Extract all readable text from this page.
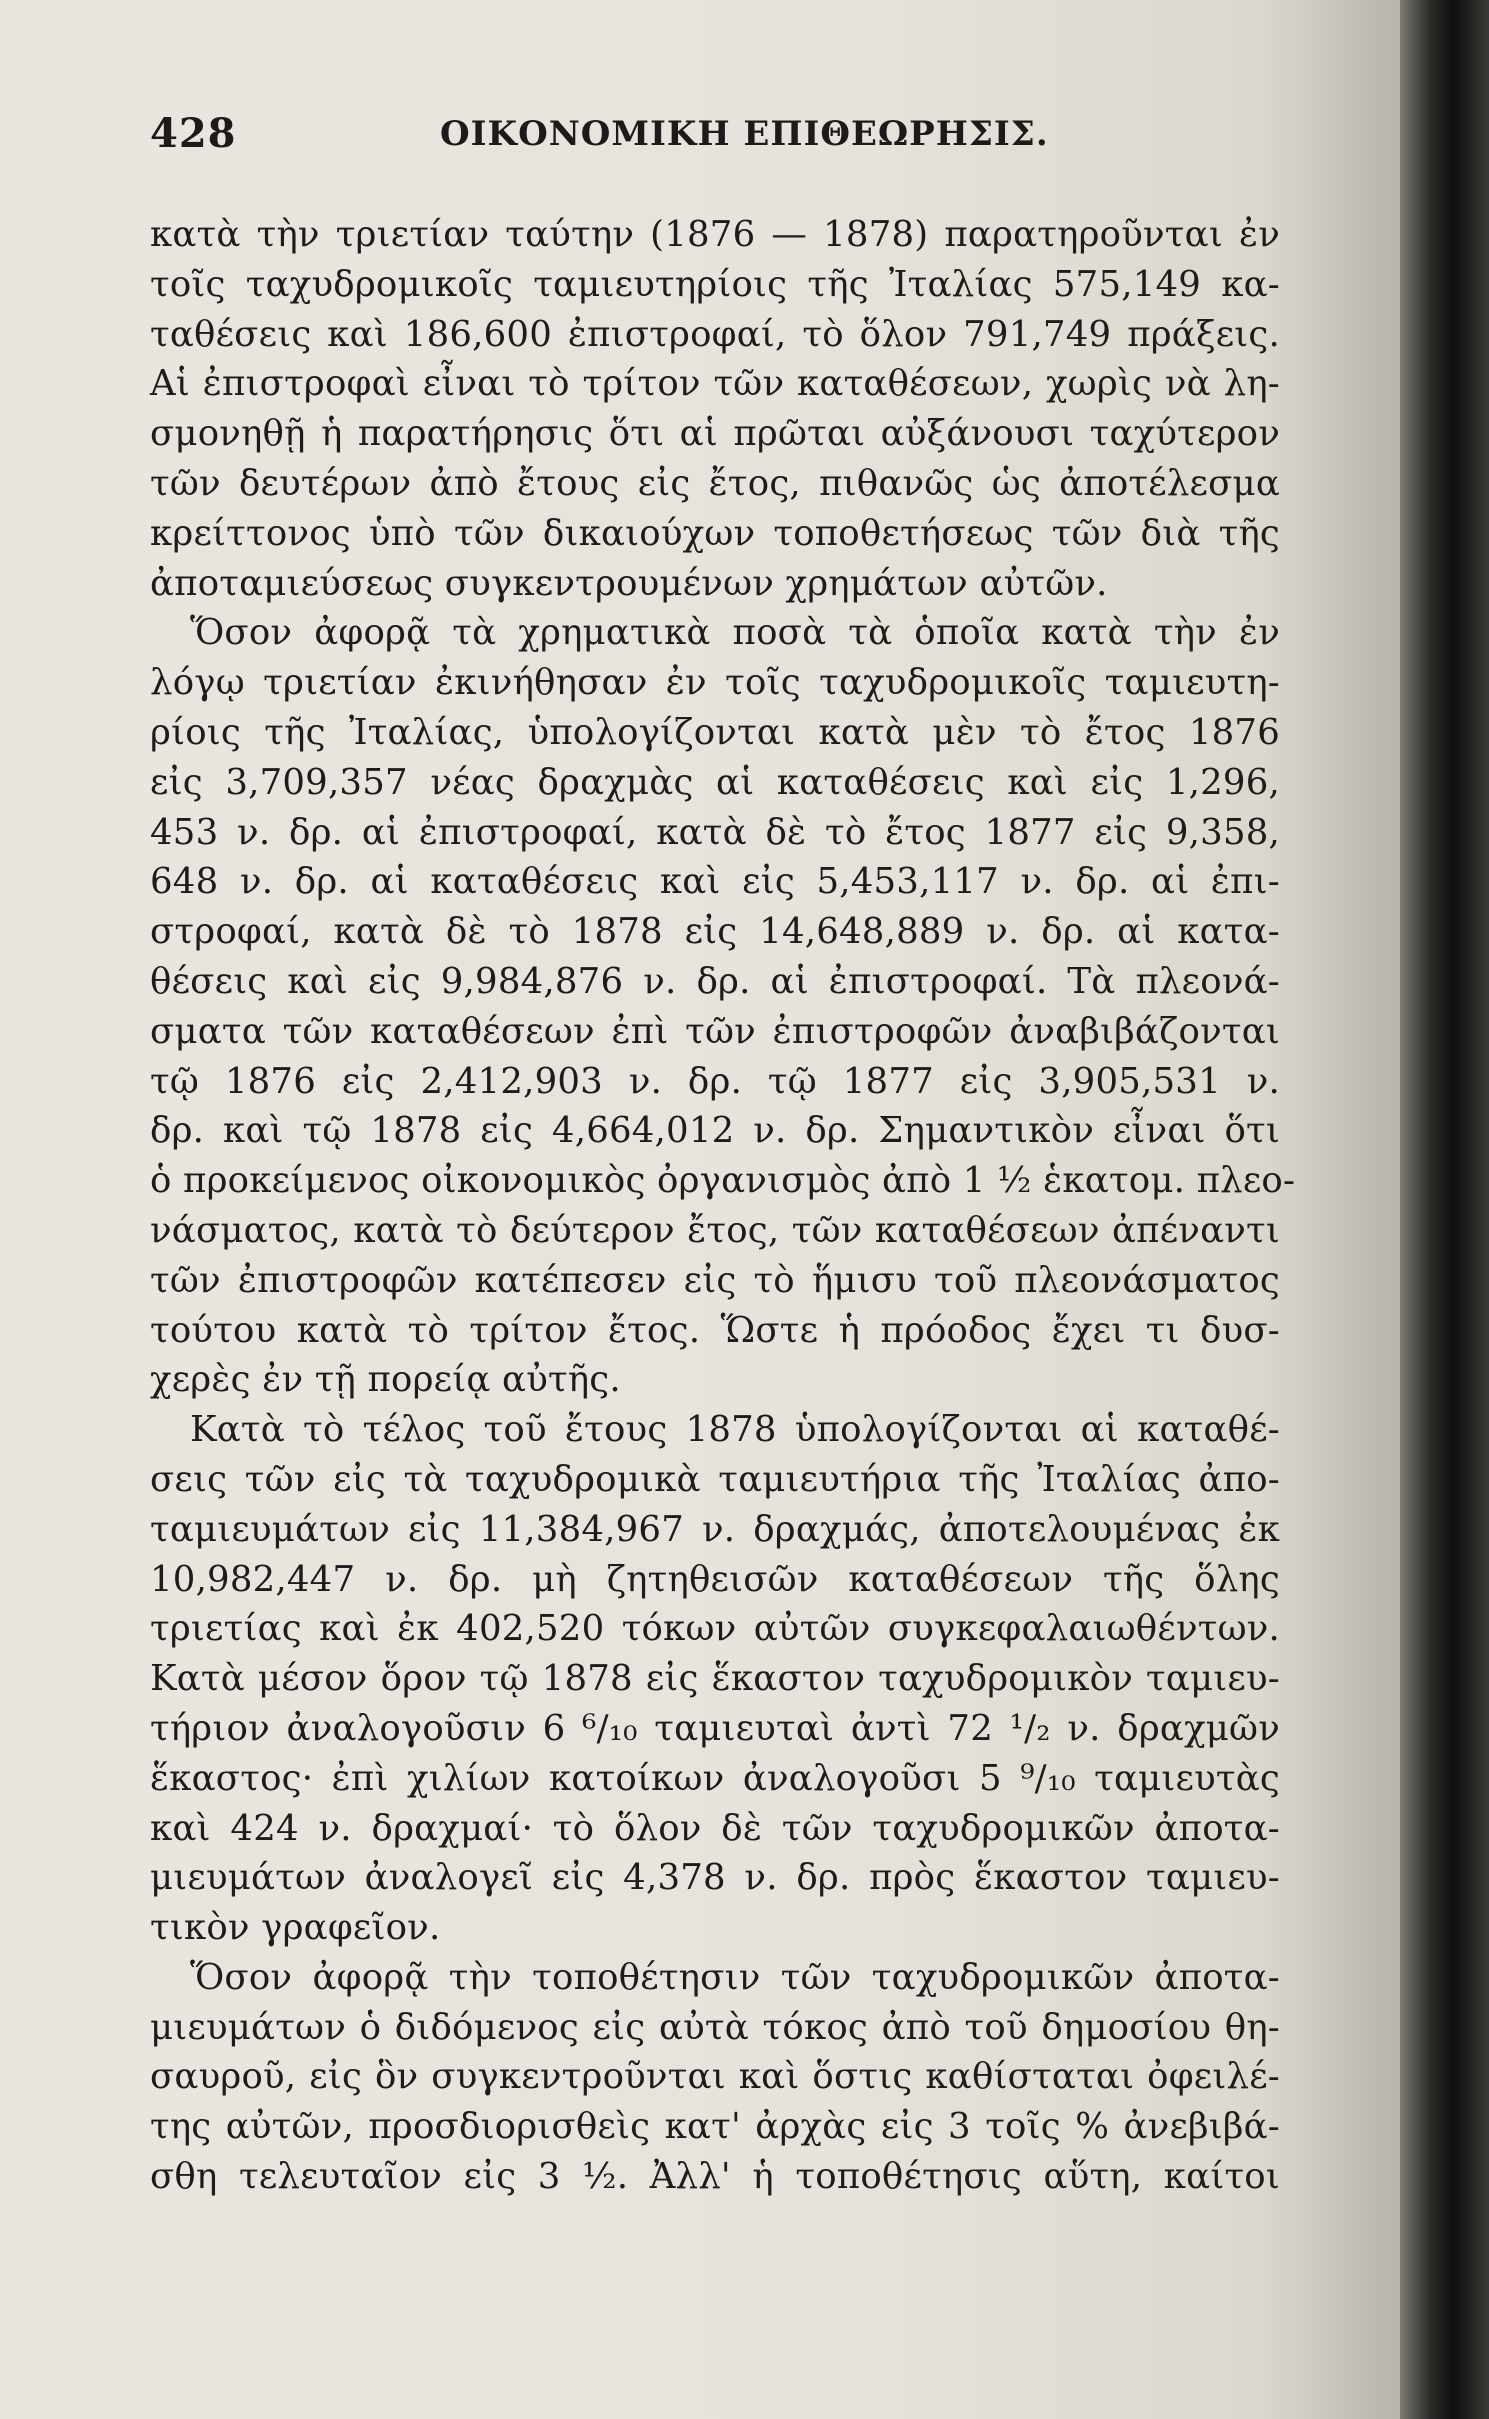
428	ΟΙΚΟΝΟΜΙΚΗ ΕΠΙΘΕΩΡΗΣΙΣ.
κατὰ τὴν τριετίαν ταύτην (1876 — 1878) παρατηροῦνται ἐν
τοῖς ταχυδρομικοῖς ταμιευτηρίοις τῆς Ἰταλίας 575,149 κα-
ταθέσεις καὶ 186,600 ἐπιστροφαί, τὸ ὅλον 791,749 πράξεις.
Αἱ ἐπιστροφαὶ εἶναι τὸ τρίτον τῶν καταθέσεων, χωρὶς νὰ λη-
σμονηθῇ ἡ παρατήρησις ὅτι αἱ πρῶται αὐξάνουσι ταχύτερον
τῶν δευτέρων ἀπὸ ἔτους εἰς ἔτος, πιθανῶς ὡς ἀποτέλεσμα
κρείττονος ὑπὸ τῶν δικαιούχων τοποθετήσεως τῶν διὰ τῆς
ἀποταμιεύσεως συγκεντρουμένων χρημάτων αὐτῶν.
Ὅσον ἀφορᾷ τὰ χρηματικὰ ποσὰ τὰ ὁποῖα κατὰ τὴν ἐν
λόγῳ τριετίαν ἐκινήθησαν ἐν τοῖς ταχυδρομικοῖς ταμιευτη-
ρίοις τῆς Ἰταλίας, ὑπολογίζονται κατὰ μὲν τὸ ἔτος 1876
εἰς 3,709,357 νέας δραχμὰς αἱ καταθέσεις καὶ εἰς 1,296,
453 ν. δρ. αἱ ἐπιστροφαί, κατὰ δὲ τὸ ἔτος 1877 εἰς 9,358,
648 ν. δρ. αἱ καταθέσεις καὶ εἰς 5,453,117 ν. δρ. αἱ ἐπι-
στροφαί, κατὰ δὲ τὸ 1878 εἰς 14,648,889 ν. δρ. αἱ κατα-
θέσεις καὶ εἰς 9,984,876 ν. δρ. αἱ ἐπιστροφαί. Τὰ πλεονά-
σματα τῶν καταθέσεων ἐπὶ τῶν ἐπιστροφῶν ἀναβιβάζονται
τῷ 1876 εἰς 2,412,903 ν. δρ. τῷ 1877 εἰς 3,905,531 ν.
δρ. καὶ τῷ 1878 εἰς 4,664,012 ν. δρ. Σημαντικὸν εἶναι ὅτι
ὁ προκείμενος οἰκονομικὸς ὀργανισμὸς ἀπὸ 1 ½ ἑκατομ. πλεο-
νάσματος, κατὰ τὸ δεύτερον ἔτος, τῶν καταθέσεων ἀπέναντι
τῶν ἐπιστροφῶν κατέπεσεν εἰς τὸ ἥμισυ τοῦ πλεονάσματος
τούτου κατὰ τὸ τρίτον ἔτος. Ὥστε ἡ πρόοδος ἔχει τι δυσ-
χερὲς ἐν τῇ πορείᾳ αὐτῆς.
Κατὰ τὸ τέλος τοῦ ἔτους 1878 ὑπολογίζονται αἱ καταθέ-
σεις τῶν εἰς τὰ ταχυδρομικὰ ταμιευτήρια τῆς Ἰταλίας ἀπο-
ταμιευμάτων εἰς 11,384,967 ν. δραχμάς, ἀποτελουμένας ἐκ
10,982,447 ν. δρ. μὴ ζητηθεισῶν καταθέσεων τῆς ὅλης
τριετίας καὶ ἐκ 402,520 τόκων αὐτῶν συγκεφαλαιωθέντων.
Κατὰ μέσον ὅρον τῷ 1878 εἰς ἕκαστον ταχυδρομικὸν ταμιευ-
τήριον ἀναλογοῦσιν 6 ⁶/₁₀ ταμιευταὶ ἀντὶ 72 ¹/₂ ν. δραχμῶν
ἕκαστος· ἐπὶ χιλίων κατοίκων ἀναλογοῦσι 5 ⁹/₁₀ ταμιευτὰς
καὶ 424 ν. δραχμαί· τὸ ὅλον δὲ τῶν ταχυδρομικῶν ἀποτα-
μιευμάτων ἀναλογεῖ εἰς 4,378 ν. δρ. πρὸς ἕκαστον ταμιευ-
τικὸν γραφεῖον.
Ὅσον ἀφορᾷ τὴν τοποθέτησιν τῶν ταχυδρομικῶν ἀποτα-
μιευμάτων ὁ διδόμενος εἰς αὐτὰ τόκος ἀπὸ τοῦ δημοσίου θη-
σαυροῦ, εἰς ὃν συγκεντροῦνται καὶ ὅστις καθίσταται ὀφειλέ-
της αὐτῶν, προσδιορισθεὶς κατ' ἀρχὰς εἰς 3 τοῖς % ἀνεβιβά-
σθη τελευταῖον εἰς 3 ½. Ἀλλ' ἡ τοποθέτησις αὕτη, καίτοι
